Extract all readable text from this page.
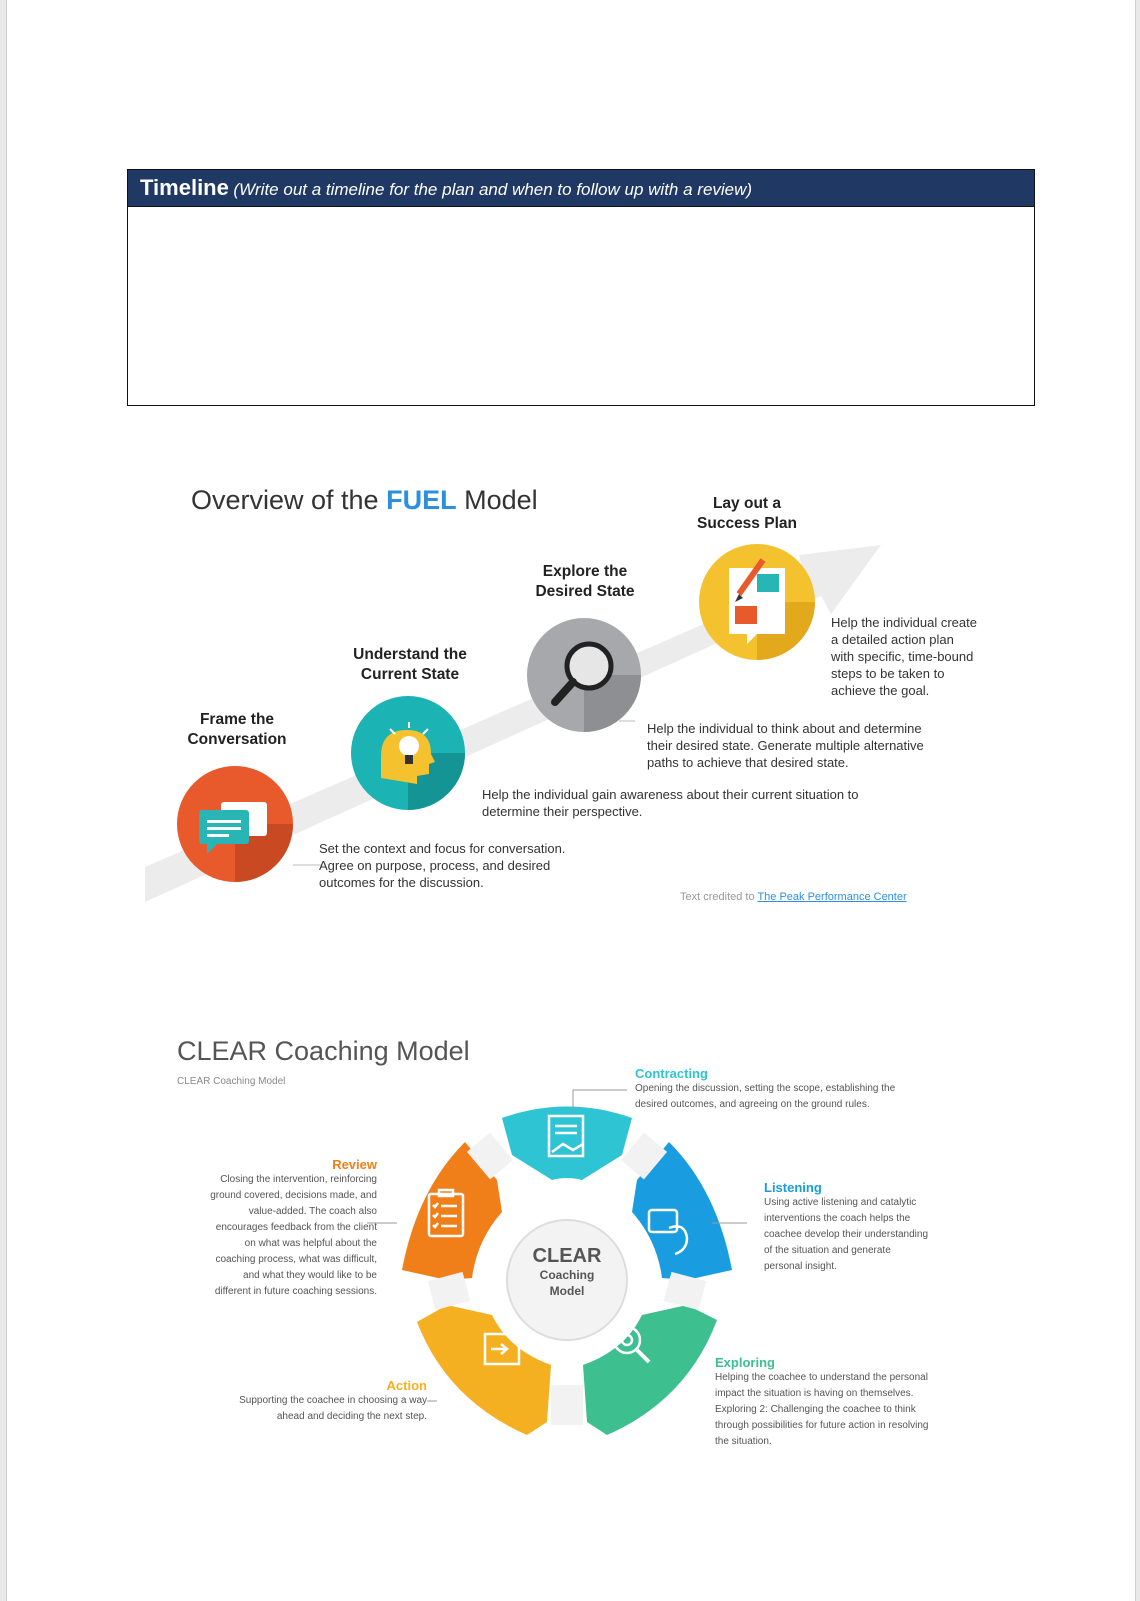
Timeline (Write out a timeline for the plan and when to follow up with a review)
Overview of the FUEL Model
Frame the
Conversation
Set the context and focus for conversation.
Agree on purpose, process, and desired
outcomes for the discussion.
Understand the
Current State
Help the individual gain awareness about their current situation to
determine their perspective.
Explore the
Desired State
Help the individual to think about and determine
their desired state. Generate multiple alternative
paths to achieve that desired state.
Lay out a
Success Plan
Help the individual create
a detailed action plan
with specific, time-bound
steps to be taken to
achieve the goal.
Text credited to The Peak Performance Center
CLEAR Coaching Model
CLEAR Coaching Model
CLEAR
Coaching
Model
Contracting
Opening the discussion, setting the scope, establishing the
desired outcomes, and agreeing on the ground rules.
Listening
Using active listening and catalytic
interventions the coach helps the
coachee develop their understanding
of the situation and generate
personal insight.
Exploring
Helping the coachee to understand the personal
impact the situation is having on themselves.
Exploring 2: Challenging the coachee to think
through possibilities for future action in resolving
the situation.
Action
Supporting the coachee in choosing a way
ahead and deciding the next step.
Review
Closing the intervention, reinforcing
ground covered, decisions made, and
value-added. The coach also
encourages feedback from the client
on what was helpful about the
coaching process, what was difficult,
and what they would like to be
different in future coaching sessions.
